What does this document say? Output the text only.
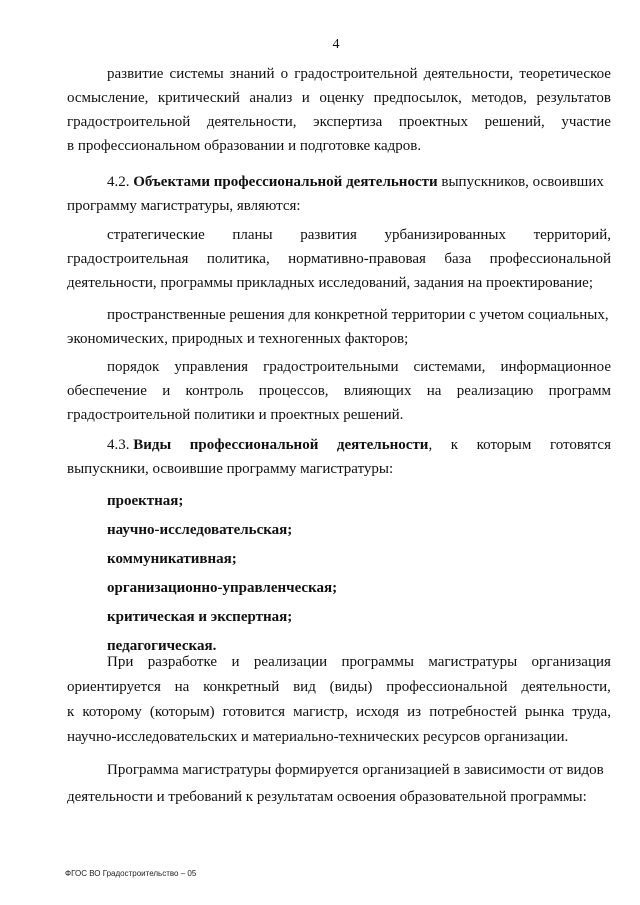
4
развитие системы знаний о градостроительной деятельности, теоретическое
осмысление, критический анализ и оценку предпосылок, методов, результатов
градостроительной деятельности, экспертиза проектных решений, участие
в профессиональном образовании и подготовке кадров.
4.2. Объектами профессиональной деятельности выпускников, освоивших
программу магистратуры, являются:
стратегические планы развития урбанизированных территорий,
градостроительная политика, нормативно-правовая база профессиональной
деятельности, программы прикладных исследований, задания на проектирование;
пространственные решения для конкретной территории с учетом социальных,
экономических, природных и техногенных факторов;
порядок управления градостроительными системами, информационное
обеспечение и контроль процессов, влияющих на реализацию программ
градостроительной политики и проектных решений.
4.3. Виды профессиональной деятельности, к которым готовятся
выпускники, освоившие программу магистратуры:
проектная;
научно-исследовательская;
коммуникативная;
организационно-управленческая;
критическая и экспертная;
педагогическая.
При разработке и реализации программы магистратуры организация
ориентируется на конкретный вид (виды) профессиональной деятельности,
к которому (которым) готовится магистр, исходя из потребностей рынка труда,
научно-исследовательских и материально-технических ресурсов организации.
Программа магистратуры формируется организацией в зависимости от видов
деятельности и требований к результатам освоения образовательной программы:
ФГОС ВО Градостроительство – 05
